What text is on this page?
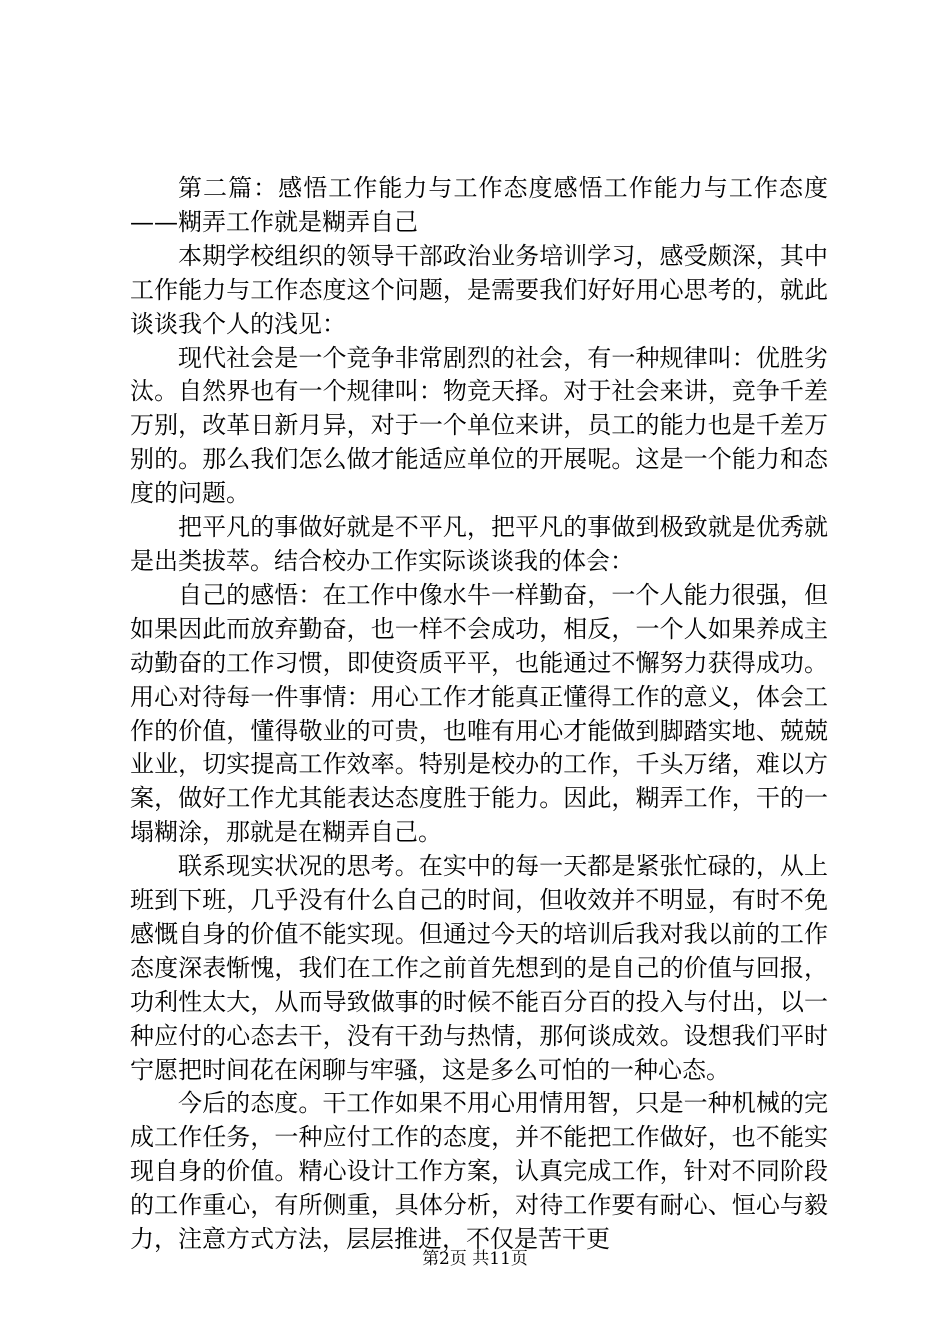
第二篇：感悟工作能力与工作态度感悟工作能力与工作态度——糊弄工作就是糊弄自己

本期学校组织的领导干部政治业务培训学习，感受颇深，其中工作能力与工作态度这个问题，是需要我们好好用心思考的，就此谈谈我个人的浅见：

现代社会是一个竞争非常剧烈的社会，有一种规律叫：优胜劣汰。自然界也有一个规律叫：物竞天择。对于社会来讲，竞争千差万别，改革日新月异，对于一个单位来讲，员工的能力也是千差万别的。那么我们怎么做才能适应单位的开展呢。这是一个能力和态度的问题。

把平凡的事做好就是不平凡，把平凡的事做到极致就是优秀就是出类拔萃。结合校办工作实际谈谈我的体会：

自己的感悟：在工作中像水牛一样勤奋，一个人能力很强，但如果因此而放弃勤奋，也一样不会成功，相反，一个人如果养成主动勤奋的工作习惯，即使资质平平，也能通过不懈努力获得成功。用心对待每一件事情：用心工作才能真正懂得工作的意义，体会工作的价值，懂得敬业的可贵，也唯有用心才能做到脚踏实地、兢兢业业，切实提高工作效率。特别是校办的工作，千头万绪，难以方案，做好工作尤其能表达态度胜于能力。因此，糊弄工作，干的一塌糊涂，那就是在糊弄自己。

联系现实状况的思考。在实中的每一天都是紧张忙碌的，从上班到下班，几乎没有什么自己的时间，但收效并不明显，有时不免感慨自身的价值不能实现。但通过今天的培训后我对我以前的工作态度深表惭愧，我们在工作之前首先想到的是自己的价值与回报，功利性太大，从而导致做事的时候不能百分百的投入与付出，以一种应付的心态去干，没有干劲与热情，那何谈成效。设想我们平时宁愿把时间花在闲聊与牢骚，这是多么可怕的一种心态。

今后的态度。干工作如果不用心用情用智，只是一种机械的完成工作任务，一种应付工作的态度，并不能把工作做好，也不能实现自身的价值。精心设计工作方案，认真完成工作，针对不同阶段的工作重心，有所侧重，具体分析，对待工作要有耐心、恒心与毅力，注意方式方法，层层推进，不仅是苦干更

第2页 共11页
